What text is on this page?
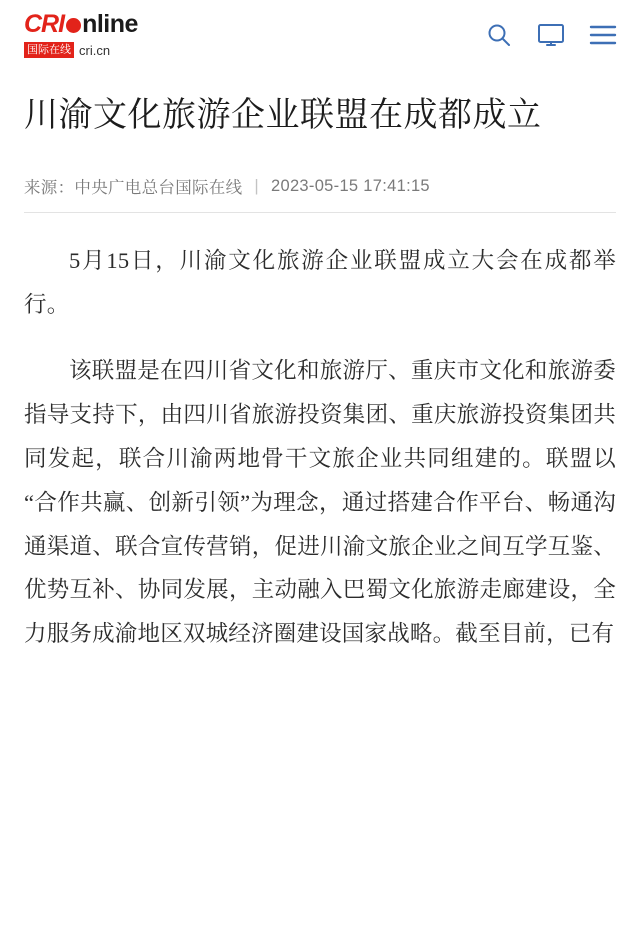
CRI nline
国际在线 cri.cn
川渝文化旅游企业联盟在成都成立
来源： 中央广电总台国际在线 | 2023-05-15 17:41:15

5月15日，川渝文化旅游企业联盟成立大会在成都举行。

该联盟是在四川省文化和旅游厅、重庆市文化和旅游委指导支持下，由四川省旅游投资集团、重庆旅游投资集团共同发起，联合川渝两地骨干文旅企业共同组建的。联盟以“合作共赢、创新引领”为理念，通过搭建合作平台、畅通沟通渠道、联合宣传营销，促进川渝文旅企业之间互学互鉴、优势互补、协同发展，主动融入巴蜀文化旅游走廊建设，全力服务成渝地区双城经济圈建设国家战略。截至目前，已有
